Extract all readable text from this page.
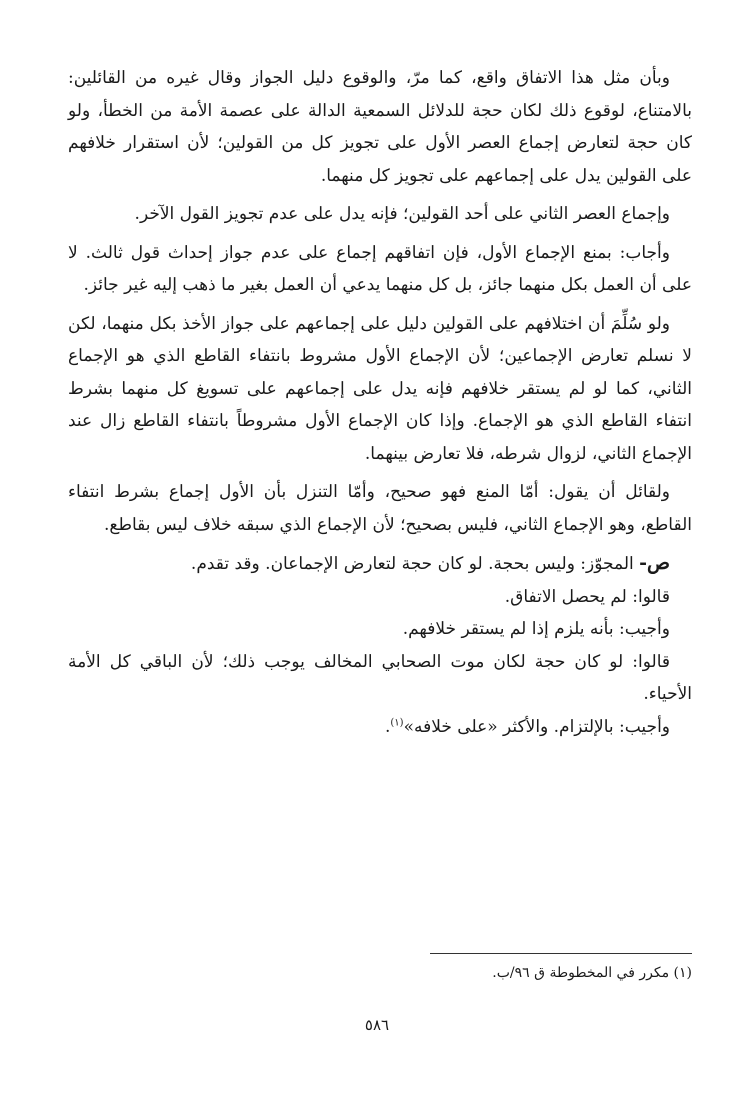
وبأن مثل هذا الاتفاق واقع، كما مرّ، والوقوع دليل الجواز وقال غيره من القائلين: بالامتناع، لوقوع ذلك لكان حجة للدلائل السمعية الدالة على عصمة الأمة من الخطأ، ولو كان حجة لتعارض إجماع العصر الأول على تجويز كل من القولين؛ لأن استقرار خلافهم على القولين يدل على إجماعهم على تجويز كل منهما.

وإجماع العصر الثاني على أحد القولين؛ فإنه يدل على عدم تجويز القول الآخر.

وأجاب: بمنع الإجماع الأول، فإن اتفاقهم إجماع على عدم جواز إحداث قول ثالث. لا على أن العمل بكل منهما جائز، بل كل منهما يدعي أن العمل بغير ما ذهب إليه غير جائز.

ولو سُلِّمَ أن اختلافهم على القولين دليل على إجماعهم على جواز الأخذ بكل منهما، لكن لا نسلم تعارض الإجماعين؛ لأن الإجماع الأول مشروط بانتفاء القاطع الذي هو الإجماع الثاني، كما لو لم يستقر خلافهم فإنه يدل على إجماعهم على تسويغ كل منهما بشرط انتفاء القاطع الذي هو الإجماع. وإذا كان الإجماع الأول مشروطاً بانتفاء القاطع زال عند الإجماع الثاني، لزوال شرطه، فلا تعارض بينهما.

ولقائل أن يقول: أمّا المنع فهو صحيح، وأمّا التنزل بأن الأول إجماع بشرط انتفاء القاطع، وهو الإجماع الثاني، فليس بصحيح؛ لأن الإجماع الذي سبقه خلاف ليس بقاطع.

ص- المجوّز: وليس بحجة. لو كان حجة لتعارض الإجماعان. وقد تقدم.

قالوا: لم يحصل الاتفاق.

وأجيب: بأنه يلزم إذا لم يستقر خلافهم.

قالوا: لو كان حجة لكان موت الصحابي المخالف يوجب ذلك؛ لأن الباقي كل الأمة الأحياء.

وأجيب: بالإلتزام. والأكثر «على خلافه»$^{(١)}$.

(١) مكرر في المخطوطة ق ٩٦/ب.
٥٨٦
